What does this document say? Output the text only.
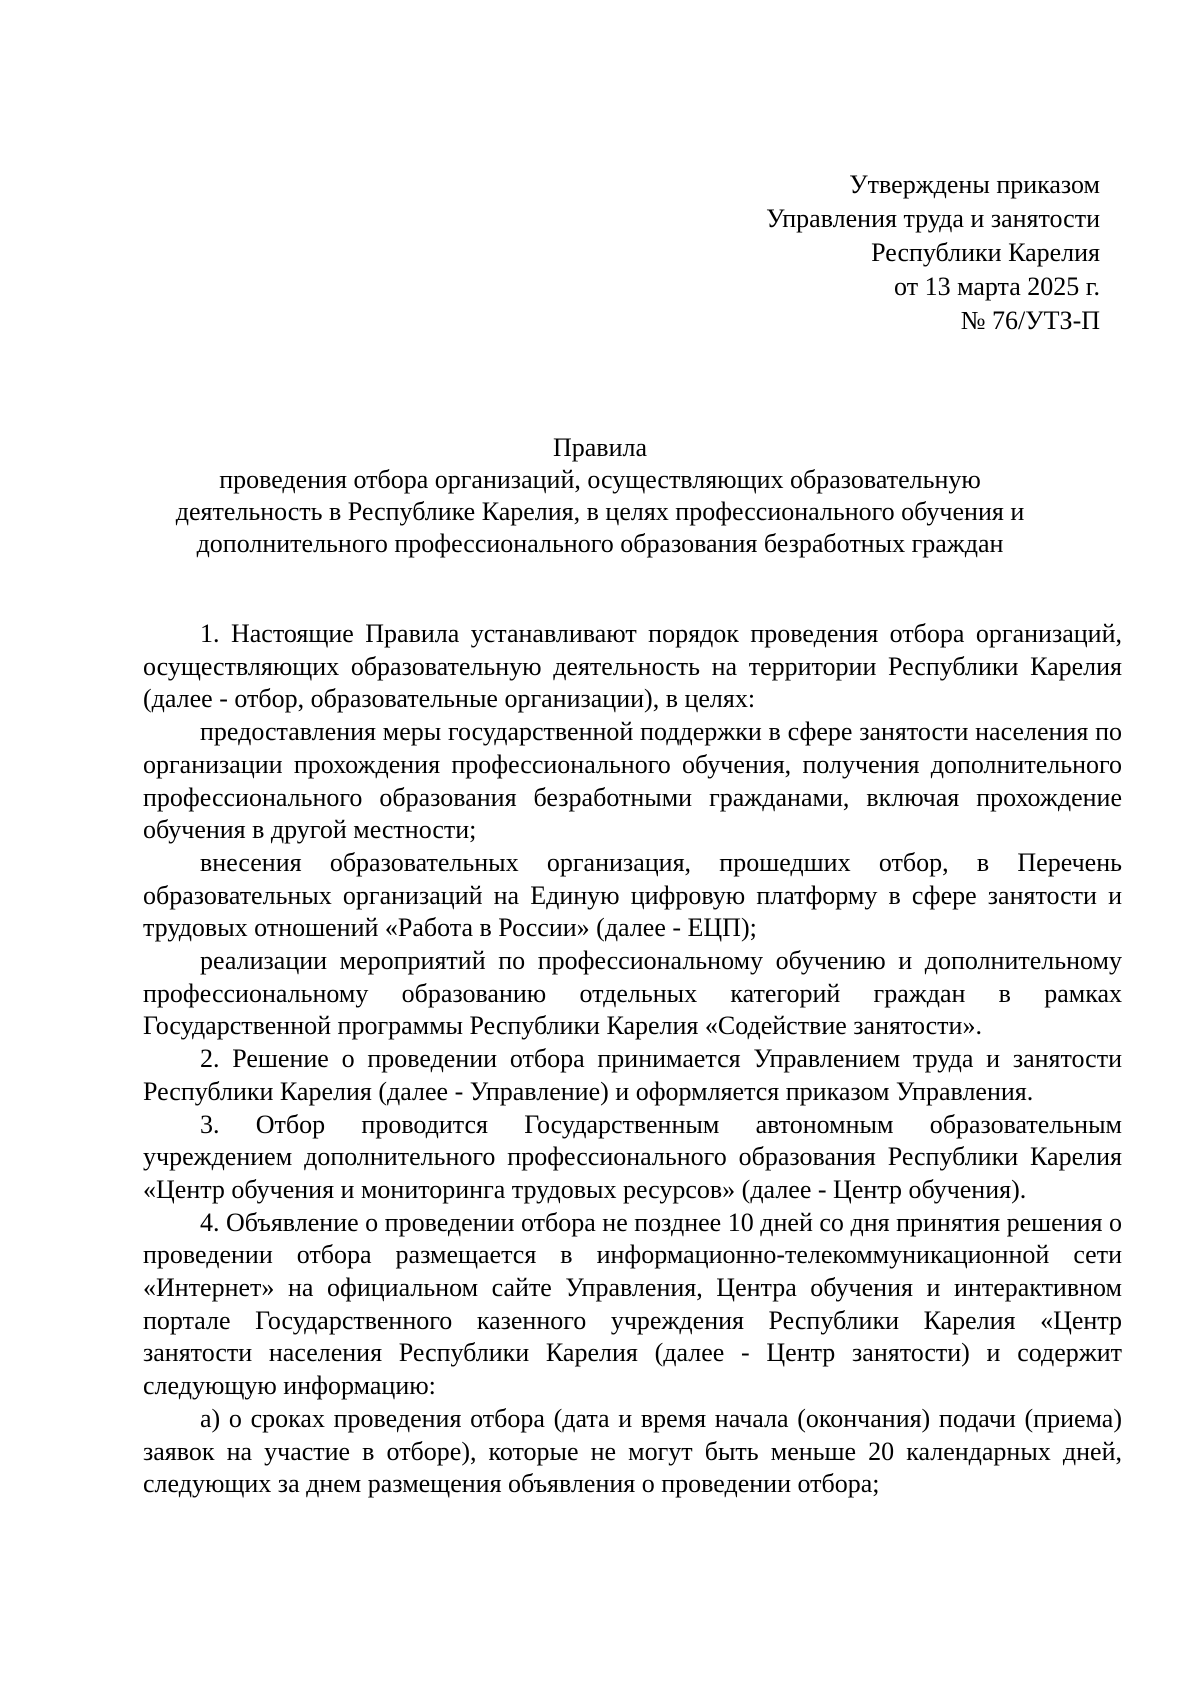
Утверждены приказом
Управления труда и занятости
Республики Карелия
от 13 марта 2025 г.
№ 76/УТЗ-П
Правила
проведения отбора организаций, осуществляющих образовательную
деятельность в Республике Карелия, в целях профессионального обучения и
дополнительного профессионального образования безработных граждан

1. Настоящие Правила устанавливают порядок проведения отбора организаций, осуществляющих образовательную деятельность на территории Республики Карелия (далее - отбор, образовательные организации), в целях:

предоставления меры государственной поддержки в сфере занятости населения по организации прохождения профессионального обучения, получения дополнительного профессионального образования безработными гражданами, включая прохождение обучения в другой местности;

внесения образовательных организация, прошедших отбор, в Перечень образовательных организаций на Единую цифровую платформу в сфере занятости и трудовых отношений «Работа в России» (далее - ЕЦП);

реализации мероприятий по профессиональному обучению и дополнительному профессиональному образованию отдельных категорий граждан в рамках Государственной программы Республики Карелия «Содействие занятости».

2. Решение о проведении отбора принимается Управлением труда и занятости Республики Карелия (далее - Управление) и оформляется приказом Управления.

3. Отбор проводится Государственным автономным образовательным учреждением дополнительного профессионального образования Республики Карелия «Центр обучения и мониторинга трудовых ресурсов» (далее - Центр обучения).

4. Объявление о проведении отбора не позднее 10 дней со дня принятия решения о проведении отбора размещается в информационно-телекоммуникационной сети «Интернет» на официальном сайте Управления, Центра обучения и интерактивном портале Государственного казенного учреждения Республики Карелия «Центр занятости населения Республики Карелия (далее - Центр занятости) и содержит следующую информацию:

а) о сроках проведения отбора (дата и время начала (окончания) подачи (приема) заявок на участие в отборе), которые не могут быть меньше 20 календарных дней, следующих за днем размещения объявления о проведении отбора;
